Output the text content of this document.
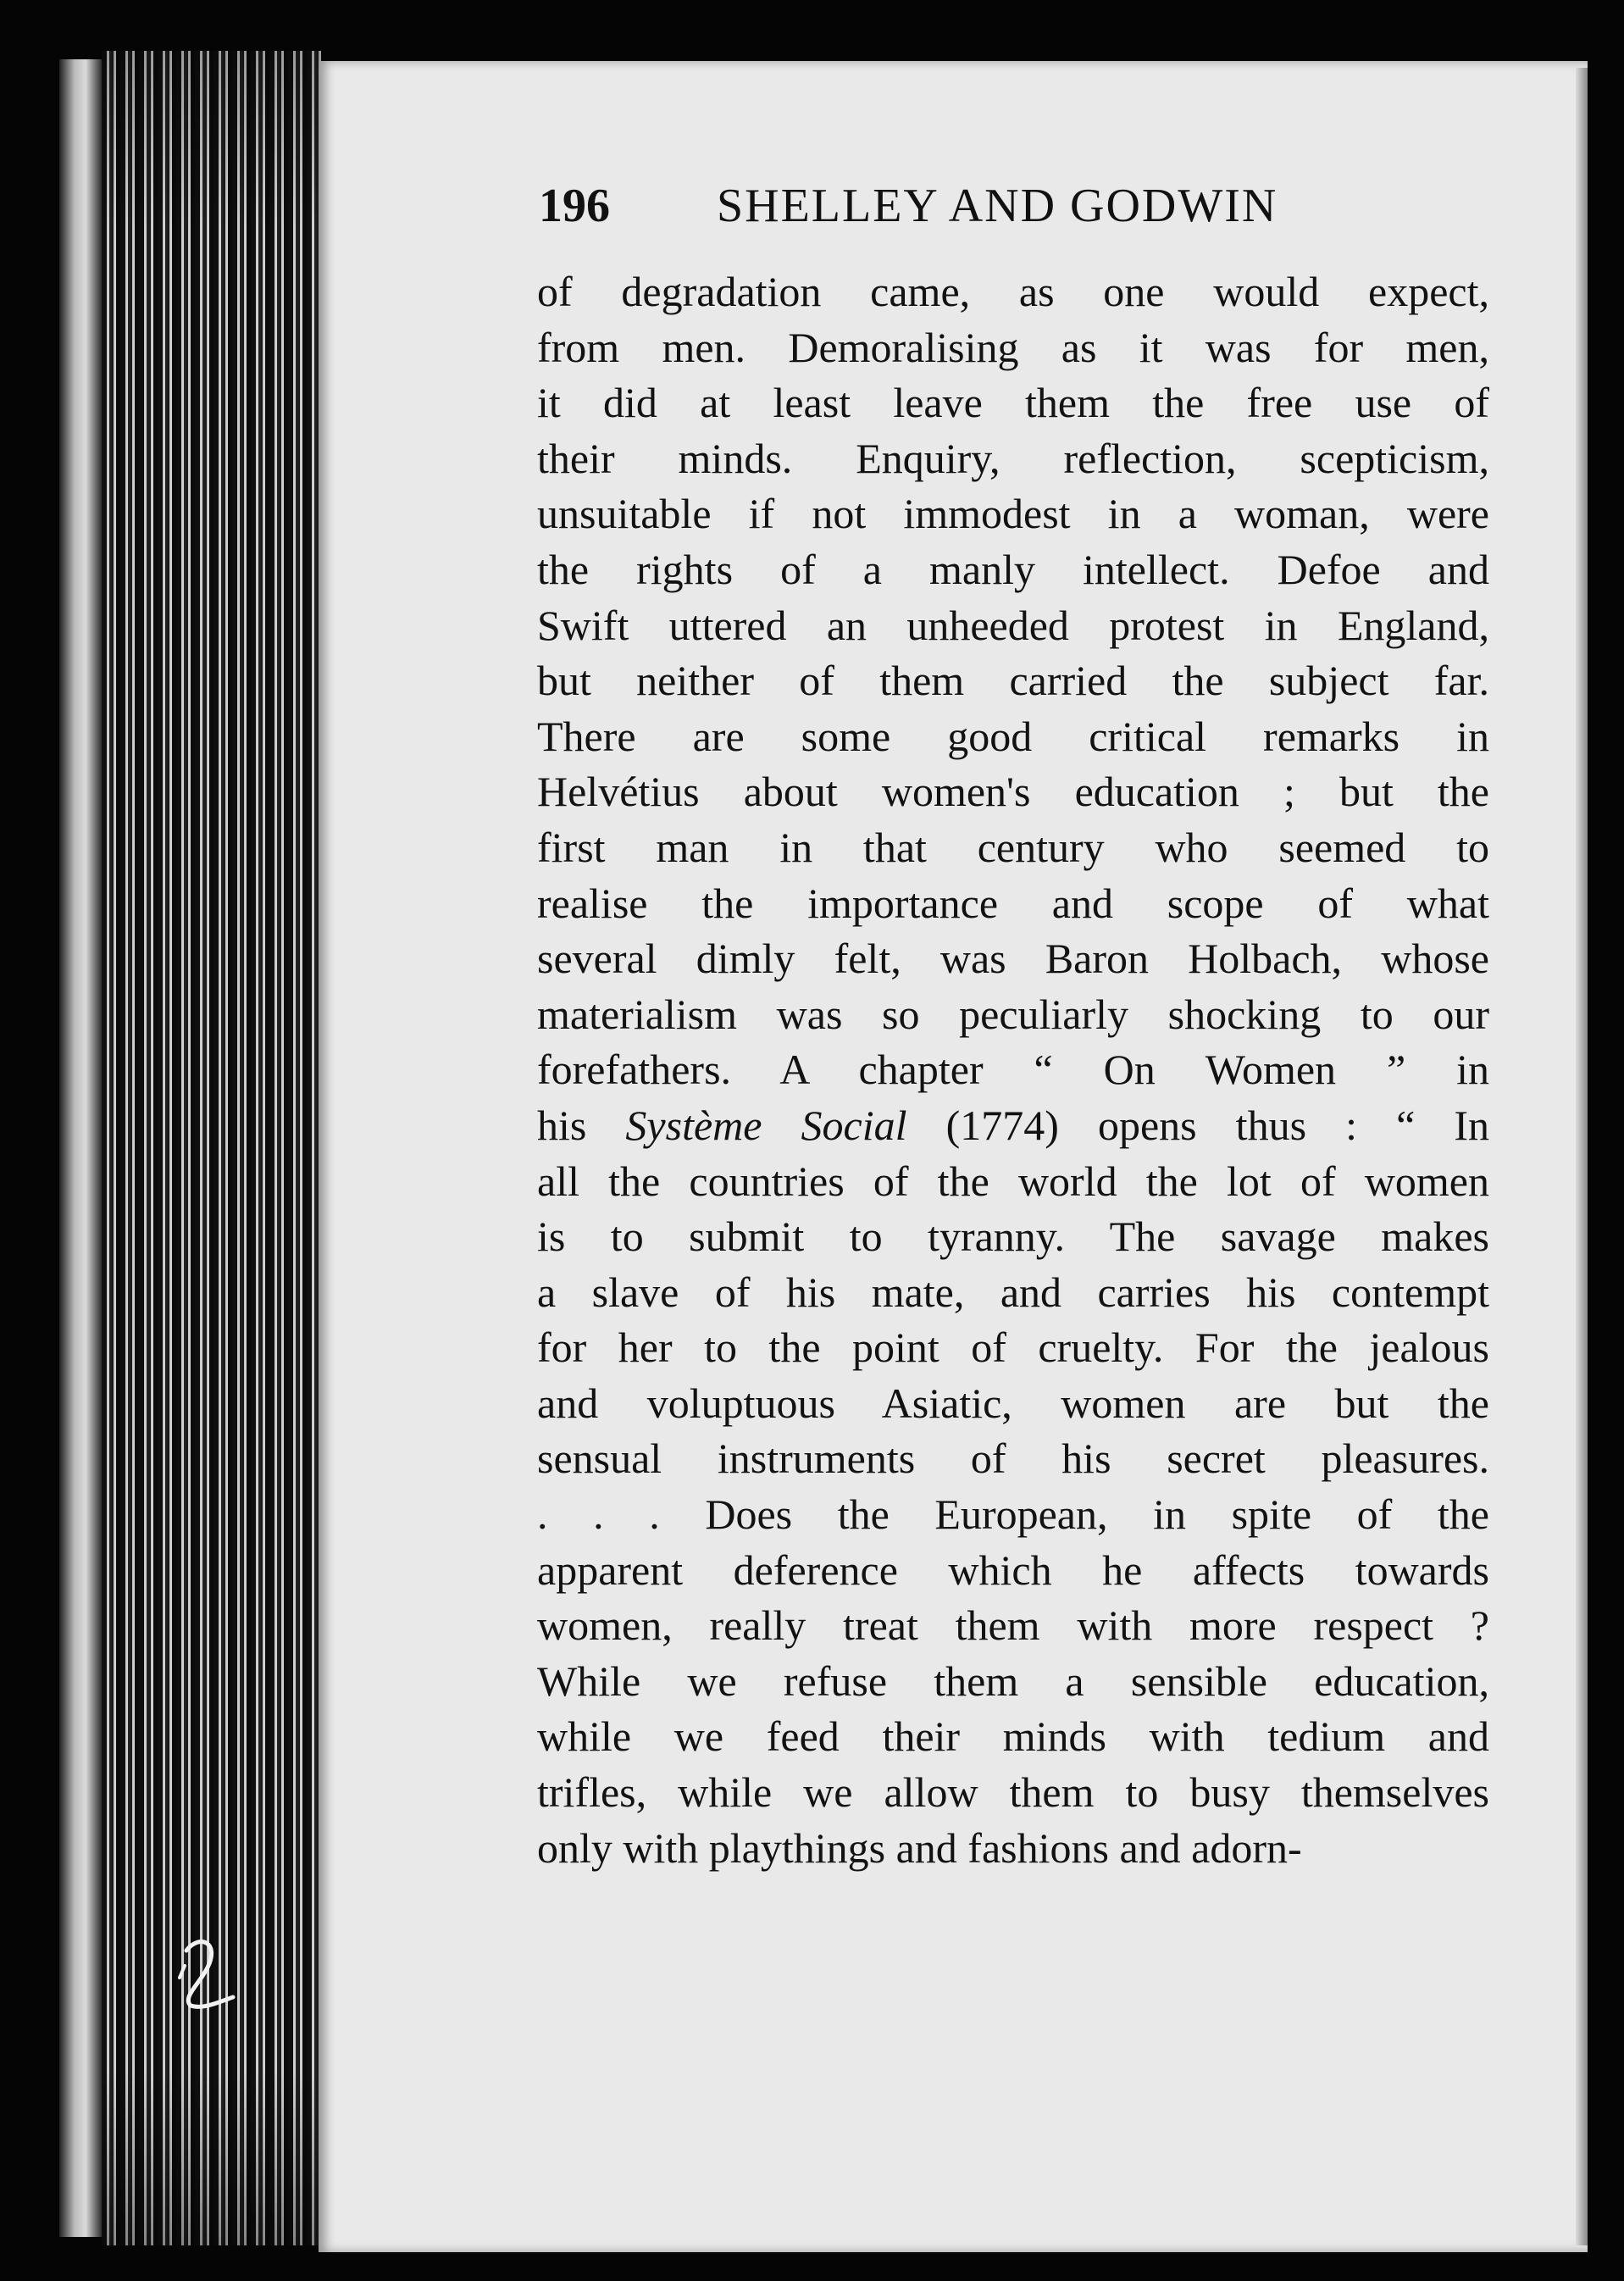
196 SHELLEY AND GODWIN
of degradation came, as one would expect,
from men. Demoralising as it was for men,
it did at least leave them the free use of
their minds. Enquiry, reflection, scepticism,
unsuitable if not immodest in a woman, were
the rights of a manly intellect. Defoe and
Swift uttered an unheeded protest in England,
but neither of them carried the subject far.
There are some good critical remarks in
Helvétius about women's education ; but the
first man in that century who seemed to
realise the importance and scope of what
several dimly felt, was Baron Holbach, whose
materialism was so peculiarly shocking to our
forefathers. A chapter “ On Women ” in
his Système Social (1774) opens thus : “ In
all the countries of the world the lot of women
is to submit to tyranny. The savage makes
a slave of his mate, and carries his contempt
for her to the point of cruelty. For the jealous
and voluptuous Asiatic, women are but the
sensual instruments of his secret pleasures.
. . . Does the European, in spite of the
apparent deference which he affects towards
women, really treat them with more respect ?
While we refuse them a sensible education,
while we feed their minds with tedium and
trifles, while we allow them to busy themselves
only with playthings and fashions and adorn-
